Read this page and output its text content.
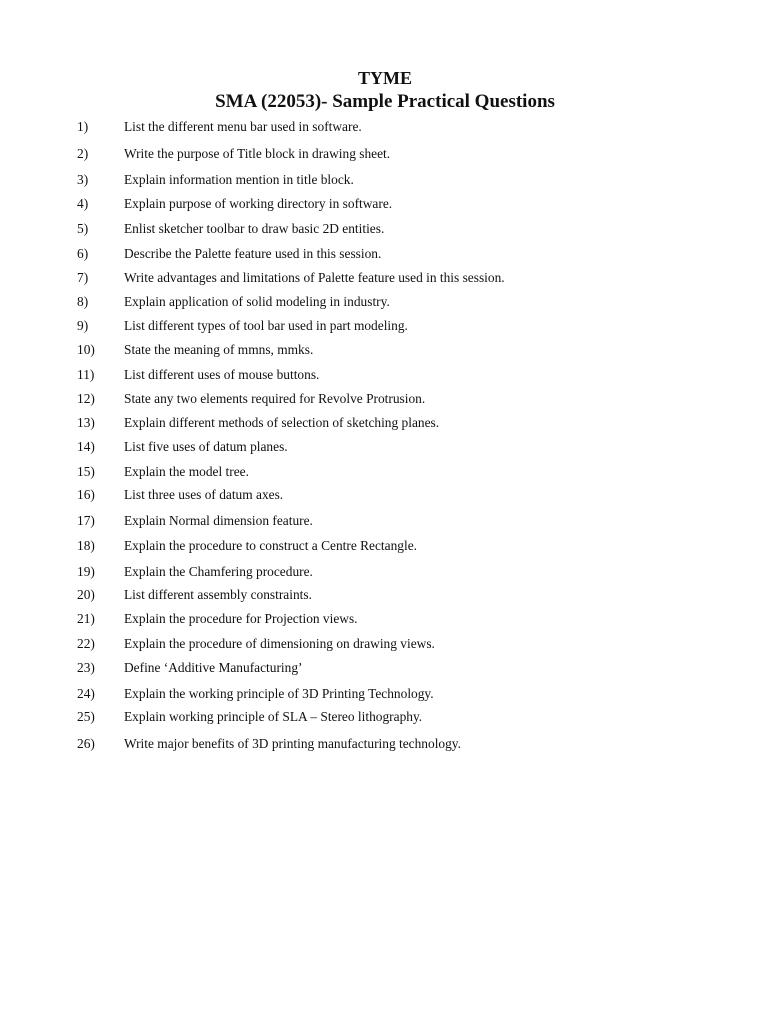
TYME
SMA (22053)- Sample Practical Questions
1)	List the different menu bar used in software.
2)	Write the purpose of Title block in drawing sheet.
3)	Explain information mention in title block.
4)	Explain purpose of working directory in software.
5)	Enlist sketcher toolbar to draw basic 2D entities.
6)	Describe the Palette feature used in this session.
7)	Write advantages and limitations of Palette feature used in this session.
8)	Explain application of solid modeling in industry.
9)	List different types of tool bar used in part modeling.
10) State the meaning of mmns, mmks.
11) List different uses of mouse buttons.
12) State any two elements required for Revolve Protrusion.
13) Explain different methods of selection of sketching planes.
14) List five uses of datum planes.
15) Explain the model tree.
16) List three uses of datum axes.
17) Explain Normal dimension feature.
18) Explain the procedure to construct a Centre Rectangle.
19) Explain the Chamfering procedure.
20) List different assembly constraints.
21) Explain the procedure for Projection views.
22) Explain the procedure of dimensioning on drawing views.
23) Define ‘Additive Manufacturing’
24) Explain the working principle of 3D Printing Technology.
25) Explain working principle of SLA – Stereo lithography.
26) Write major benefits of 3D printing manufacturing technology.
